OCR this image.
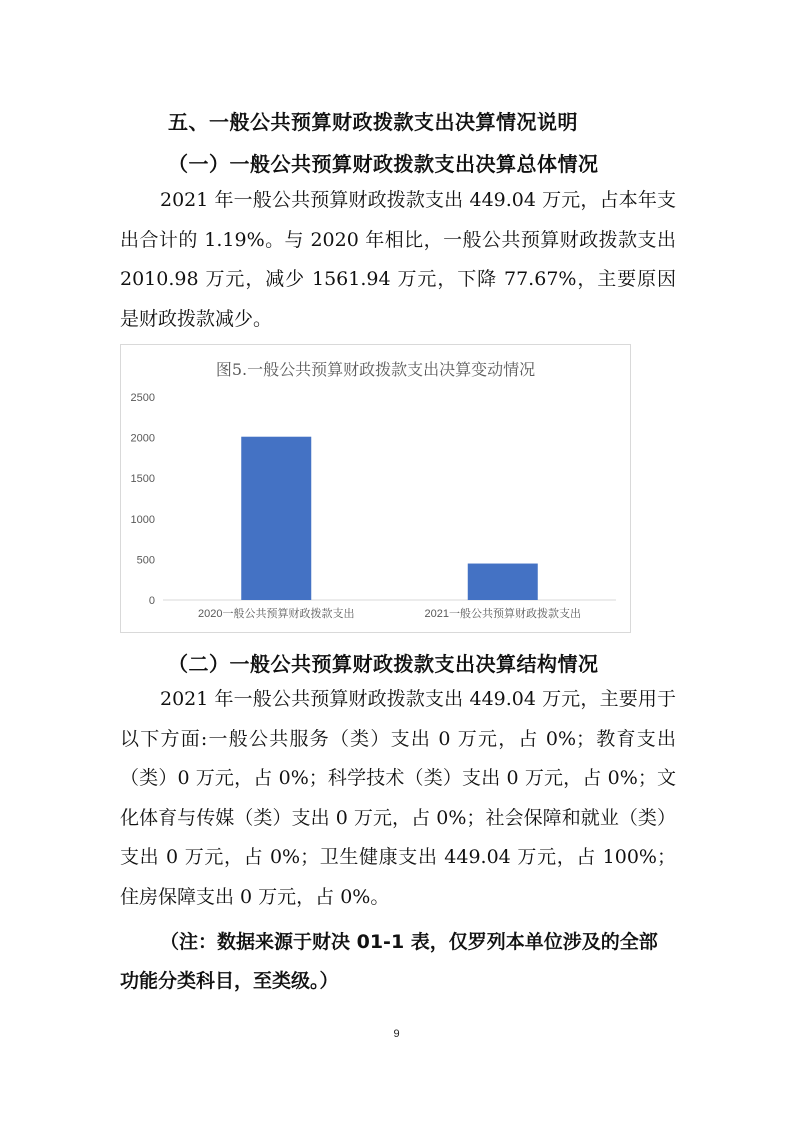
五、一般公共预算财政拨款支出决算情况说明
（一）一般公共预算财政拨款支出决算总体情况

2021 年一般公共预算财政拨款支出 449.04 万元，占本年支出合计的 1.19%。与 2020 年相比，一般公共预算财政拨款支出 2010.98 万元，减少 1561.94 万元，下降 77.67%，主要原因是财政拨款减少。

图5.一般公共预算财政拨款支出决算变动情况
0
500
1000
1500
2000
2500
2020一般公共预算财政拨款支出	2021一般公共预算财政拨款支出
（二）一般公共预算财政拨款支出决算结构情况

2021 年一般公共预算财政拨款支出 449.04 万元，主要用于以下方面:一般公共服务（类）支出 0 万元，占 0%；教育支出（类）0 万元，占 0%；科学技术（类）支出 0 万元，占 0%；文化体育与传媒（类）支出 0 万元，占 0%；社会保障和就业（类）支出 0 万元，占 0%；卫生健康支出 449.04 万元，占 100%；住房保障支出 0 万元，占 0%。

（注：数据来源于财决 01-1 表，仅罗列本单位涉及的全部功能分类科目，至类级。）

9
